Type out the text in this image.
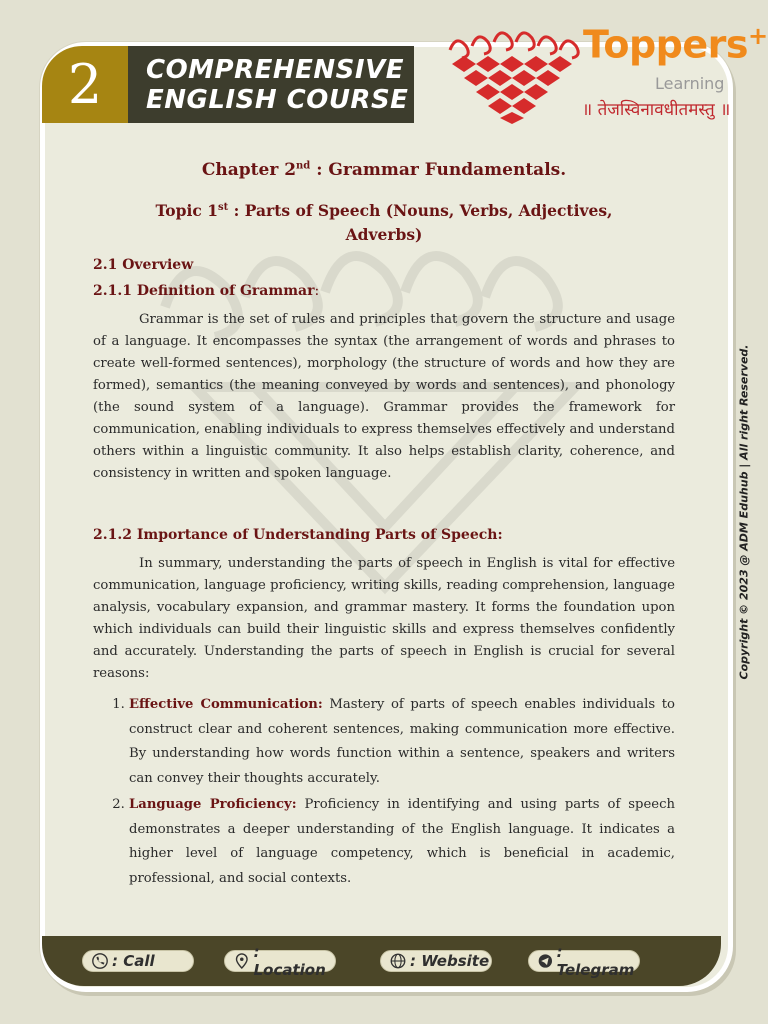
2	COMPREHENSIVE
ENGLISH COURSE
Toppers+
Learning
॥ तेजस्विनावधीतमस्तु ॥
Chapter 2nd : Grammar Fundamentals.
Topic 1st : Parts of Speech (Nouns, Verbs, Adjectives, Adverbs)

2.1 Overview

2.1.1 Definition of Grammar:

Grammar is the set of rules and principles that govern the structure and usage of a language. It encompasses the syntax (the arrangement of words and phrases to create well-formed sentences), morphology (the structure of words and how they are formed), semantics (the meaning conveyed by words and sentences), and phonology (the sound system of a language). Grammar provides the framework for communication, enabling individuals to express themselves effectively and understand others within a linguistic community. It also helps establish clarity, coherence, and consistency in written and spoken language.

2.1.2 Importance of Understanding Parts of Speech:

In summary, understanding the parts of speech in English is vital for effective communication, language proficiency, writing skills, reading comprehension, language analysis, vocabulary expansion, and grammar mastery. It forms the foundation upon which individuals can build their linguistic skills and express themselves confidently and accurately. Understanding the parts of speech in English is crucial for several reasons:

1. Effective Communication: Mastery of parts of speech enables individuals to construct clear and coherent sentences, making communication more effective. By understanding how words function within a sentence, speakers and writers can convey their thoughts accurately.
2. Language Proficiency: Proficiency in identifying and using parts of speech demonstrates a deeper understanding of the English language. It indicates a higher level of language competency, which is beneficial in academic, professional, and social contexts.
Copyright © 2023 @ ADM Eduhub | All right Reserved.
: Call	: Location	: Website	: Telegram
